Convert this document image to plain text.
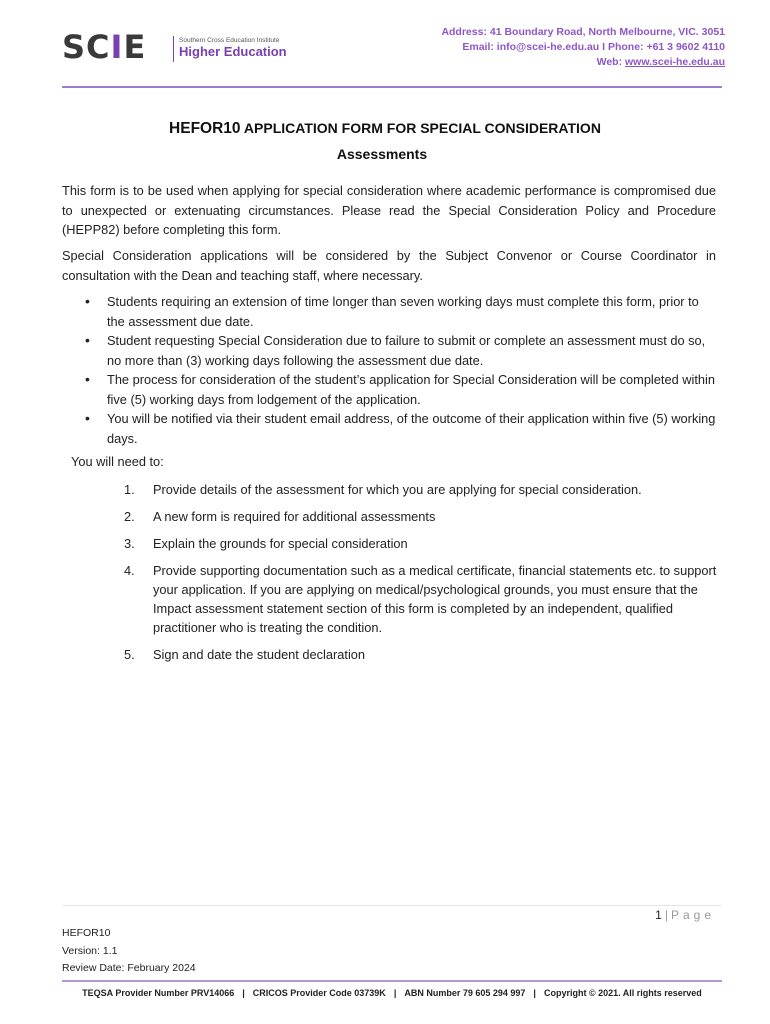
SCIE	Southern Cross Education Institute
Higher Education
Address: 41 Boundary Road, North Melbourne, VIC. 3051
Email: info@scei-he.edu.au I Phone: +61 3 9602 4110
Web: www.scei-he.edu.au
HEFOR10 APPLICATION FORM FOR SPECIAL CONSIDERATION
Assessments
This form is to be used when applying for special consideration where academic performance is compromised due to unexpected or extenuating circumstances. Please read the Special Consideration Policy and Procedure (HEPP82) before completing this form.
Special Consideration applications will be considered by the Subject Convenor or Course Coordinator in consultation with the Dean and teaching staff, where necessary.
• Students requiring an extension of time longer than seven working days must complete this form, prior to the assessment due date.
• Student requesting Special Consideration due to failure to submit or complete an assessment must do so, no more than (3) working days following the assessment due date.
• The process for consideration of the student’s application for Special Consideration will be completed within five (5) working days from lodgement of the application.
• You will be notified via their student email address, of the outcome of their application within five (5) working days.
You will need to:
1. Provide details of the assessment for which you are applying for special consideration.
2. A new form is required for additional assessments
3. Explain the grounds for special consideration
4. Provide supporting documentation such as a medical certificate, financial statements etc. to support your application. If you are applying on medical/psychological grounds, you must ensure that the Impact assessment statement section of this form is completed by an independent, qualified practitioner who is treating the condition.
5. Sign and date the student declaration
1 | Page
HEFOR10
Version: 1.1
Review Date: February 2024
TEQSA Provider Number PRV14066 | CRICOS Provider Code 03739K | ABN Number 79 605 294 997 | Copyright © 2021. All rights reserved
